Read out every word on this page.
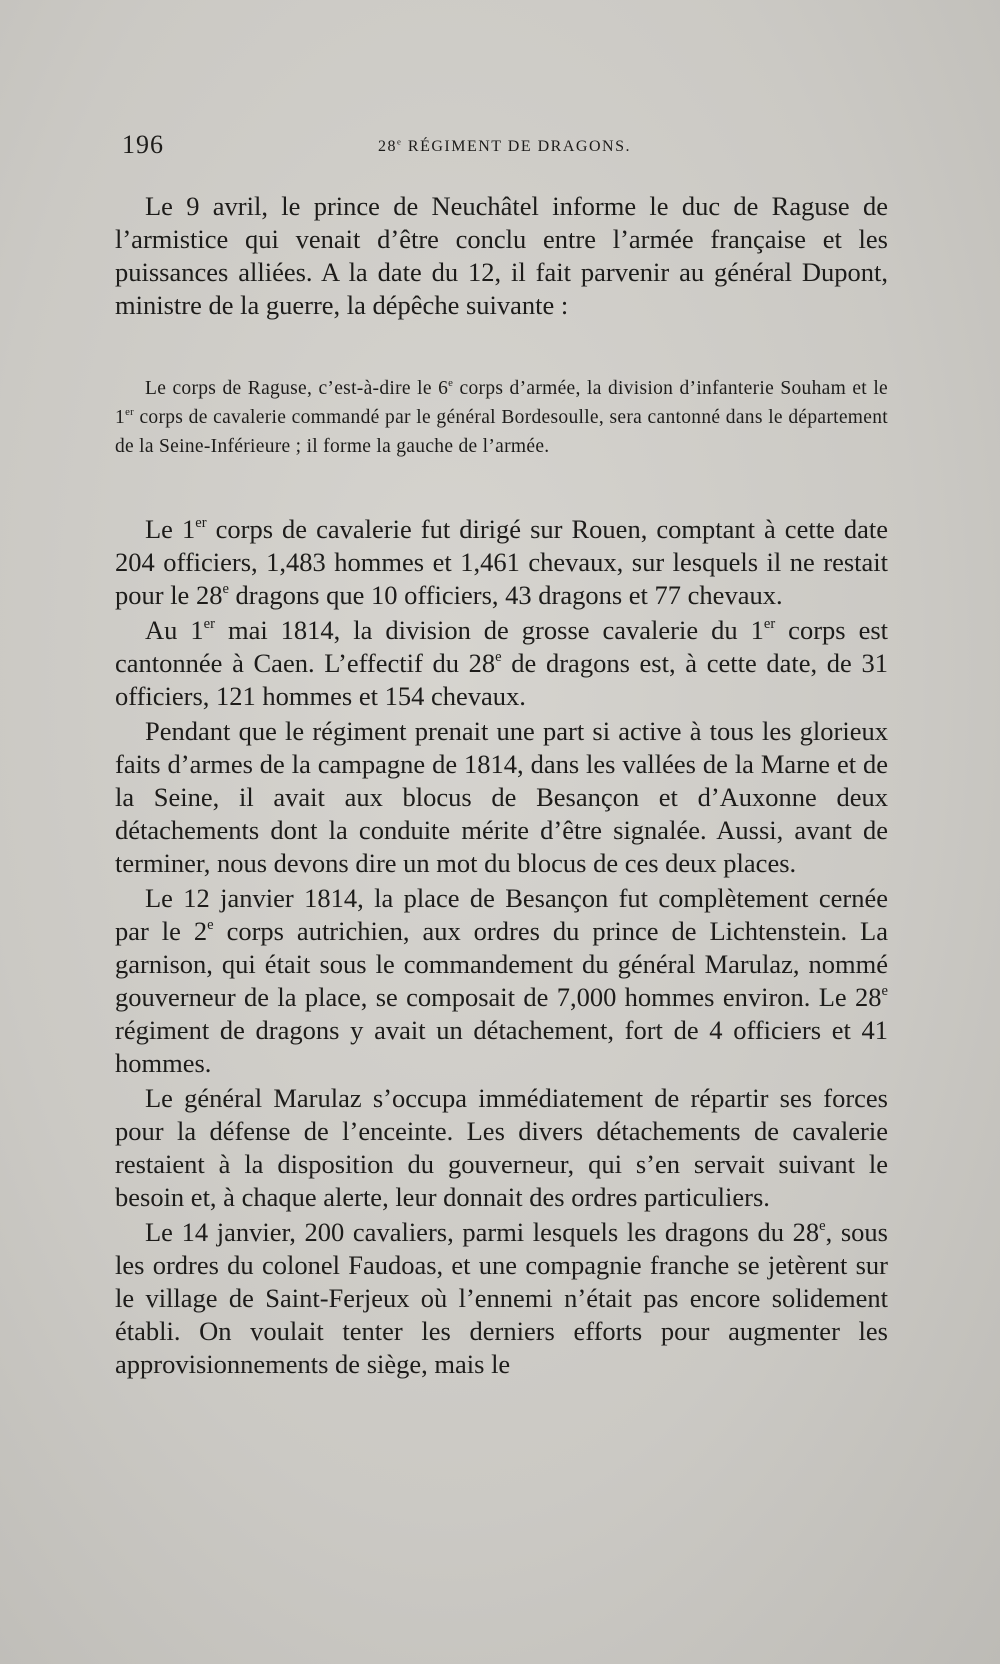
196	28e RÉGIMENT DE DRAGONS.

Le 9 avril, le prince de Neuchâtel informe le duc de Raguse de l’armistice qui venait d’être conclu entre l’armée française et les puissances alliées. A la date du 12, il fait parvenir au général Dupont, ministre de la guerre, la dépêche suivante :

Le corps de Raguse, c’est-à-dire le 6e corps d’armée, la division d’infanterie Souham et le 1er corps de cavalerie commandé par le général Bordesoulle, sera cantonné dans le département de la Seine-Inférieure ; il forme la gauche de l’armée.

Le 1er corps de cavalerie fut dirigé sur Rouen, comptant à cette date 204 officiers, 1,483 hommes et 1,461 chevaux, sur lesquels il ne restait pour le 28e dragons que 10 officiers, 43 dragons et 77 chevaux.

Au 1er mai 1814, la division de grosse cavalerie du 1er corps est cantonnée à Caen. L’effectif du 28e de dragons est, à cette date, de 31 officiers, 121 hommes et 154 chevaux.

Pendant que le régiment prenait une part si active à tous les glorieux faits d’armes de la campagne de 1814, dans les vallées de la Marne et de la Seine, il avait aux blocus de Besançon et d’Auxonne deux détachements dont la conduite mérite d’être signalée. Aussi, avant de terminer, nous devons dire un mot du blocus de ces deux places.

Le 12 janvier 1814, la place de Besançon fut complètement cernée par le 2e corps autrichien, aux ordres du prince de Lichtenstein. La garnison, qui était sous le commandement du général Marulaz, nommé gouverneur de la place, se composait de 7,000 hommes environ. Le 28e régiment de dragons y avait un détachement, fort de 4 officiers et 41 hommes.

Le général Marulaz s’occupa immédiatement de répartir ses forces pour la défense de l’enceinte. Les divers détachements de cavalerie restaient à la disposition du gouverneur, qui s’en servait suivant le besoin et, à chaque alerte, leur donnait des ordres particuliers.

Le 14 janvier, 200 cavaliers, parmi lesquels les dragons du 28e, sous les ordres du colonel Faudoas, et une compagnie franche se jetèrent sur le village de Saint-Ferjeux où l’ennemi n’était pas encore solidement établi. On voulait tenter les derniers efforts pour augmenter les approvisionnements de siège, mais le
